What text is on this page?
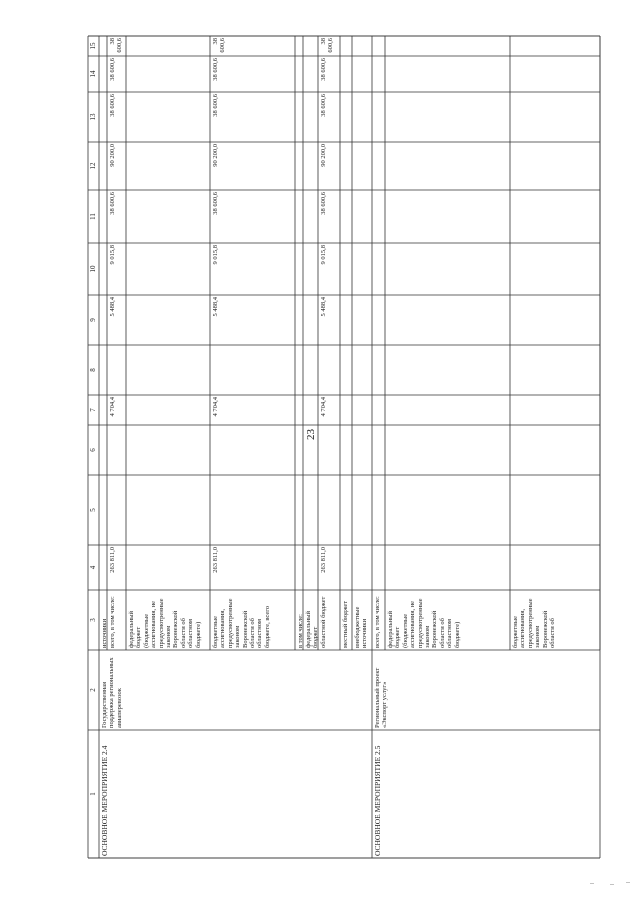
23
1
2
3
4
5
6
7
8
9
10
11
12
13
14
15
источники всего, в том числе:
263 811,0
4 704,4
5 488,4
9 015,8
38 600,6
90 200,0
38 600,6
38 600,6
38 600,6
федеральный бюджет (бюджетные ассигнования, не предусмотренные законом Воронежской области об областном бюджете)	бюджетные ассигнования, предусмотренные законом Воронежской области об областном бюджете, всего
263 811,0
4 704,4
5 488,4
9 015,8
38 600,6
90 200,0
38 600,6
38 600,6
38 600,6
в том числе: федеральный бюджет областной бюджет
263 811,0
4 704,4
5 488,4
9 015,8
38 600,6
90 200,0
38 600,6
38 600,6
38 600,6
местный бюджет внебюджетные источники всего, в том числе: федеральный бюджет (бюджетные ассигнования, не предусмотренные законом Воронежской области об областном бюджете)	бюджетные ассигнования, предусмотренные законом Воронежской области об
ОСНОВНОЕ МЕРОПРИЯТИЕ 2.4
Государственная поддержка региональных авиаперевозок
ОСНОВНОЕ МЕРОПРИЯТИЕ 2.5
Региональный проект «Экспорт услуг»
